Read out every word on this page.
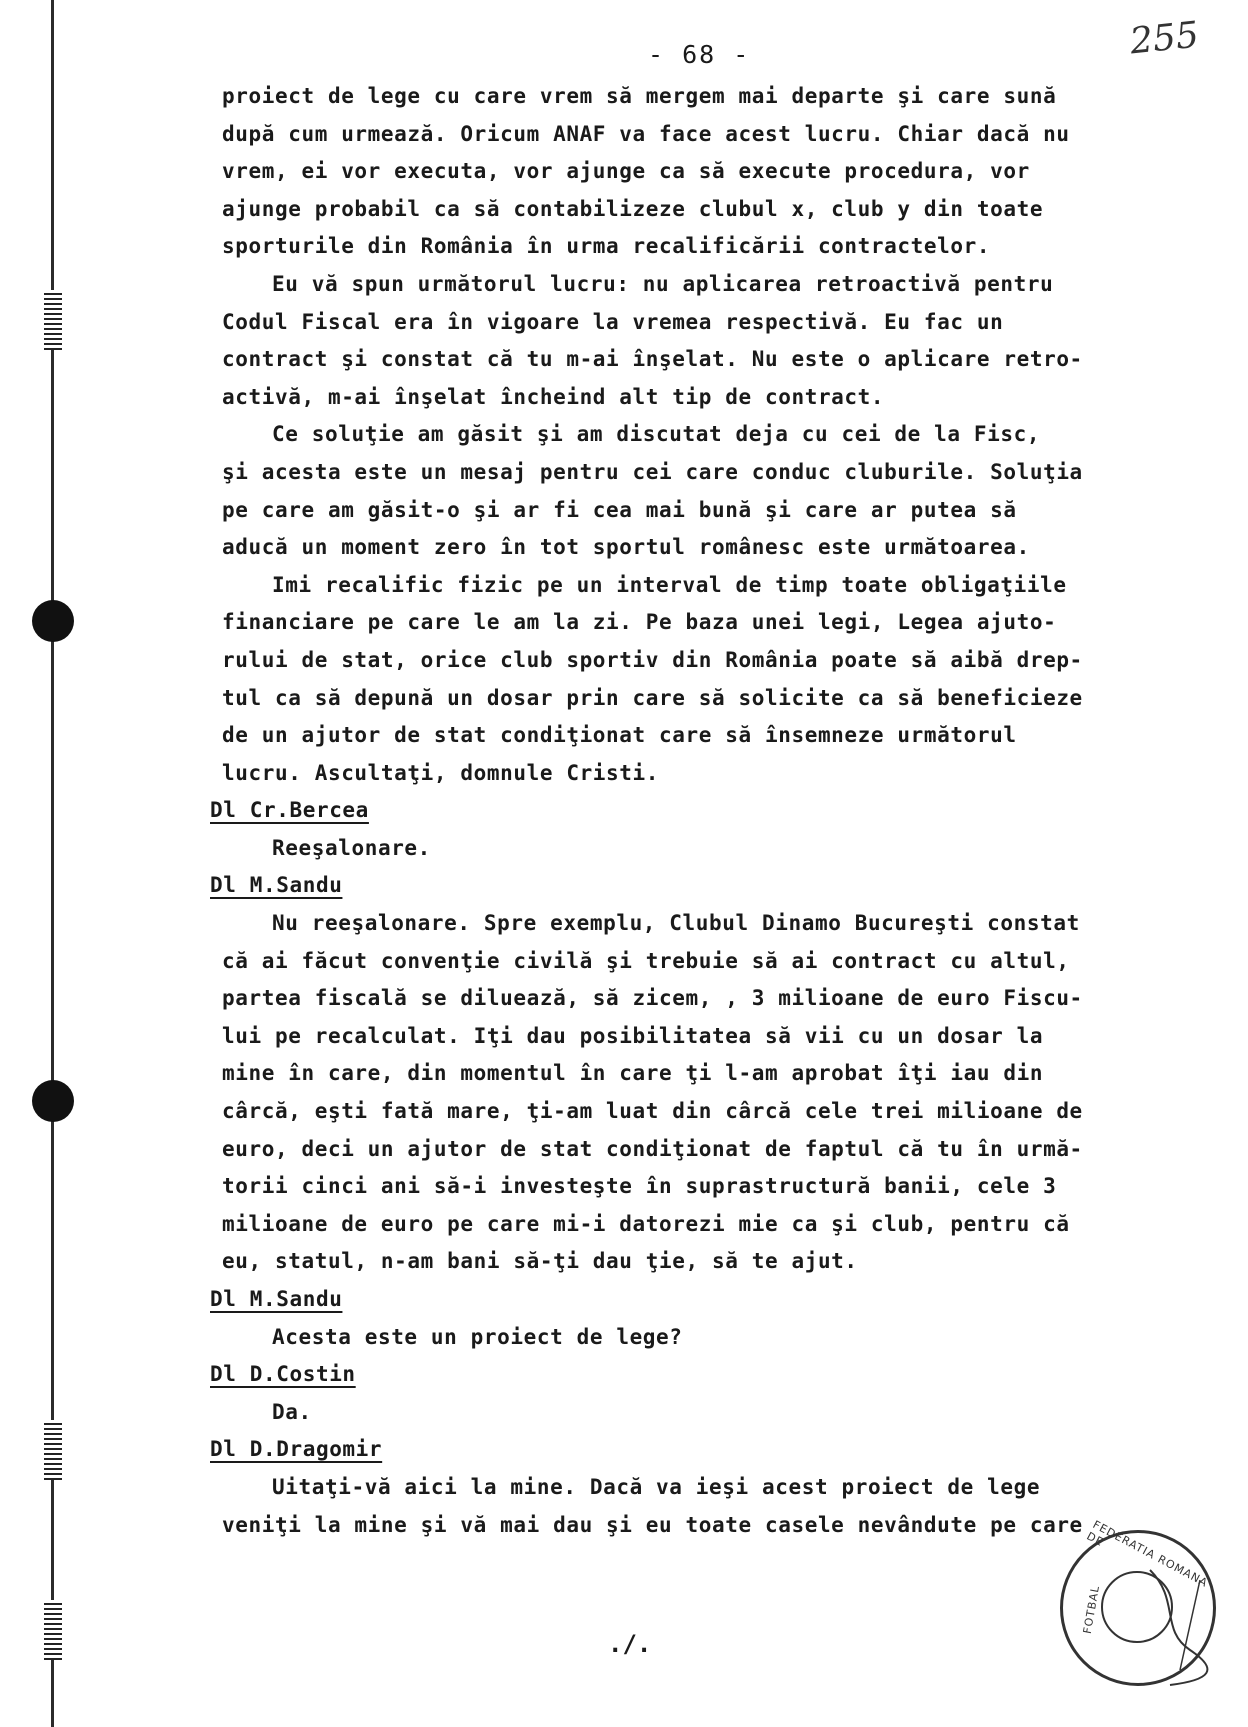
- 68 -	255
proiect de lege cu care vrem să mergem mai departe şi care sună
după cum urmează. Oricum ANAF va face acest lucru. Chiar dacă nu
vrem, ei vor executa, vor ajunge ca să execute procedura, vor
ajunge probabil ca să contabilizeze clubul x, club y din toate
sporturile din România în urma recalificării contractelor.
Eu vă spun următorul lucru: nu aplicarea retroactivă pentru
Codul Fiscal era în vigoare la vremea respectivă. Eu fac un
contract şi constat că tu m-ai înşelat. Nu este o aplicare retro-
activă, m-ai înşelat încheind alt tip de contract.
Ce soluţie am găsit şi am discutat deja cu cei de la Fisc,
şi acesta este un mesaj pentru cei care conduc cluburile. Soluţia
pe care am găsit-o şi ar fi cea mai bună şi care ar putea să
aducă un moment zero în tot sportul românesc este următoarea.
Imi recalific fizic pe un interval de timp toate obligaţiile
financiare pe care le am la zi. Pe baza unei legi, Legea ajuto-
rului de stat, orice club sportiv din România poate să aibă drep-
tul ca să depună un dosar prin care să solicite ca să beneficieze
de un ajutor de stat condiţionat care să însemneze următorul
lucru. Ascultaţi, domnule Cristi.
Dl Cr.Bercea
Reeşalonare.
Dl M.Sandu
Nu reeşalonare. Spre exemplu, Clubul Dinamo Bucureşti constat
că ai făcut convenţie civilă şi trebuie să ai contract cu altul,
partea fiscală se diluează, să zicem, , 3 milioane de euro Fiscu-
lui pe recalculat. Iţi dau posibilitatea să vii cu un dosar la
mine în care, din momentul în care ţi l-am aprobat îţi iau din
cârcă, eşti fată mare, ţi-am luat din cârcă cele trei milioane de
euro, deci un ajutor de stat condiţionat de faptul că tu în urmă-
torii cinci ani să-i investeşte în suprastructură banii, cele 3
milioane de euro pe care mi-i datorezi mie ca şi club, pentru că
eu, statul, n-am bani să-ţi dau ţie, să te ajut.
Dl M.Sandu
Acesta este un proiect de lege?
Dl D.Costin
Da.
Dl D.Dragomir
Uitaţi-vă aici la mine. Dacă va ieşi acest proiect de lege
veniţi la mine şi vă mai dau şi eu toate casele nevândute pe care
./.
FEDERATIA ROMANA DE
FOTBAL
